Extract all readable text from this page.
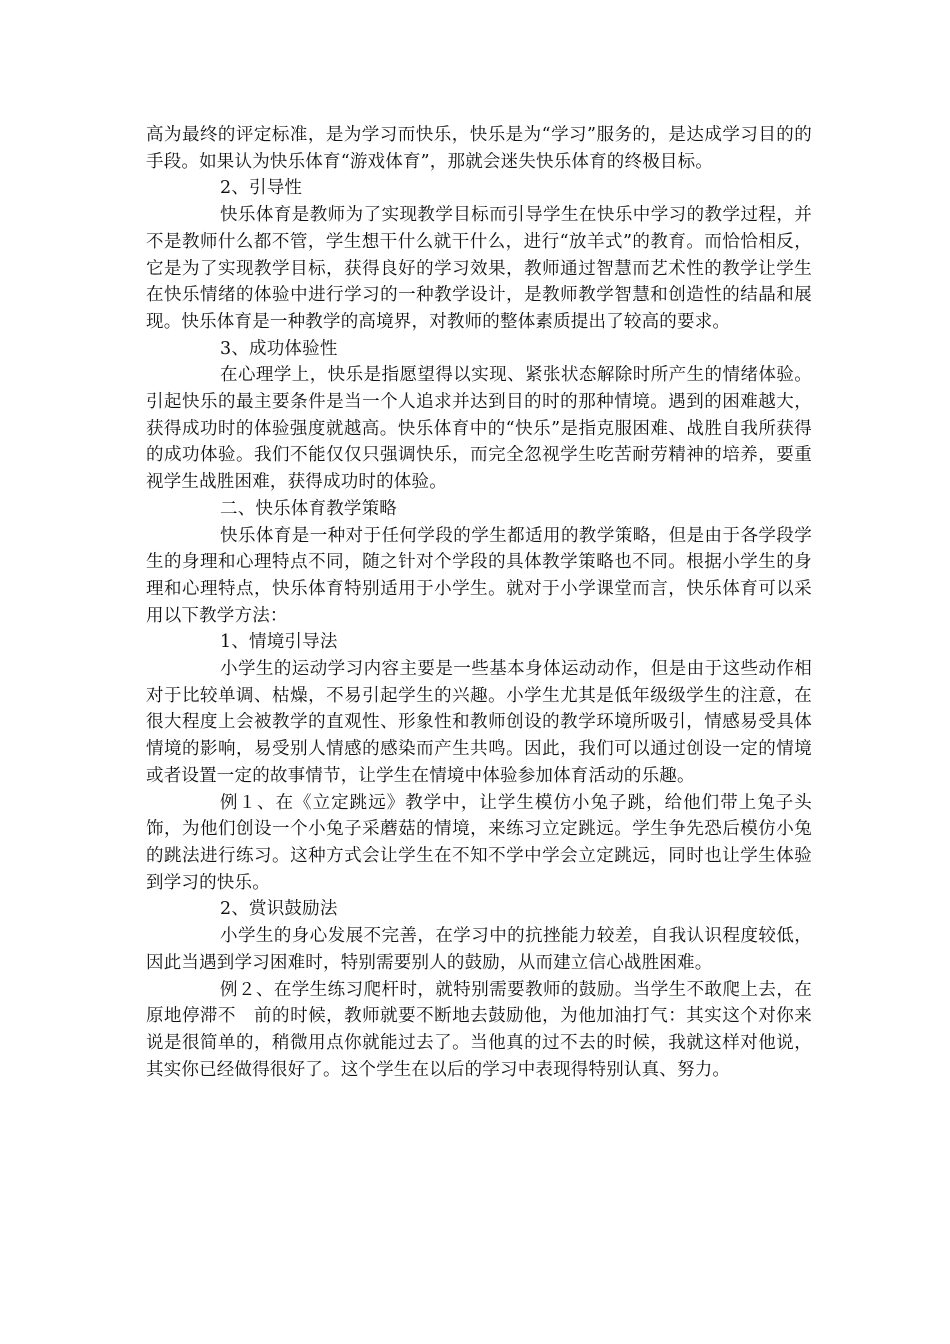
高为最终的评定标准，是为学习而快乐，快乐是为“学习”服务的，是达成学习目的的手段。如果认为快乐体育“游戏体育”，那就会迷失快乐体育的终极目标。

2、引导性

快乐体育是教师为了实现教学目标而引导学生在快乐中学习的教学过程，并不是教师什么都不管，学生想干什么就干什么，进行“放羊式”的教育。而恰恰相反，它是为了实现教学目标，获得良好的学习效果，教师通过智慧而艺术性的教学让学生在快乐情绪的体验中进行学习的一种教学设计，是教师教学智慧和创造性的结晶和展现。快乐体育是一种教学的高境界，对教师的整体素质提出了较高的要求。

3、成功体验性

在心理学上，快乐是指愿望得以实现、紧张状态解除时所产生的情绪体验。引起快乐的最主要条件是当一个人追求并达到目的时的那种情境。遇到的困难越大，获得成功时的体验强度就越高。快乐体育中的“快乐”是指克服困难、战胜自我所获得的成功体验。我们不能仅仅只强调快乐，而完全忽视学生吃苦耐劳精神的培养，要重视学生战胜困难，获得成功时的体验。

二、快乐体育教学策略

快乐体育是一种对于任何学段的学生都适用的教学策略，但是由于各学段学生的身理和心理特点不同，随之针对个学段的具体教学策略也不同。根据小学生的身理和心理特点，快乐体育特别适用于小学生。就对于小学课堂而言，快乐体育可以采用以下教学方法：

1、情境引导法

小学生的运动学习内容主要是一些基本身体运动动作，但是由于这些动作相对于比较单调、枯燥，不易引起学生的兴趣。小学生尤其是低年级级学生的注意，在很大程度上会被教学的直观性、形象性和教师创设的教学环境所吸引，情感易受具体情境的影响，易受别人情感的感染而产生共鸣。因此，我们可以通过创设一定的情境或者设置一定的故事情节，让学生在情境中体验参加体育活动的乐趣。

例１、在《立定跳远》教学中，让学生模仿小兔子跳，给他们带上兔子头饰，为他们创设一个小兔子采蘑菇的情境，来练习立定跳远。学生争先恐后模仿小兔的跳法进行练习。这种方式会让学生在不知不学中学会立定跳远，同时也让学生体验到学习的快乐。

2、赏识鼓励法

小学生的身心发展不完善，在学习中的抗挫能力较差，自我认识程度较低，因此当遇到学习困难时，特别需要别人的鼓励，从而建立信心战胜困难。

例２、在学生练习爬杆时，就特别需要教师的鼓励。当学生不敢爬上去，在原地停滞不　前的时候，教师就要不断地去鼓励他，为他加油打气：其实这个对你来说是很简单的，稍微用点你就能过去了。当他真的过不去的时候，我就这样对他说，其实你已经做得很好了。这个学生在以后的学习中表现得特别认真、努力。
